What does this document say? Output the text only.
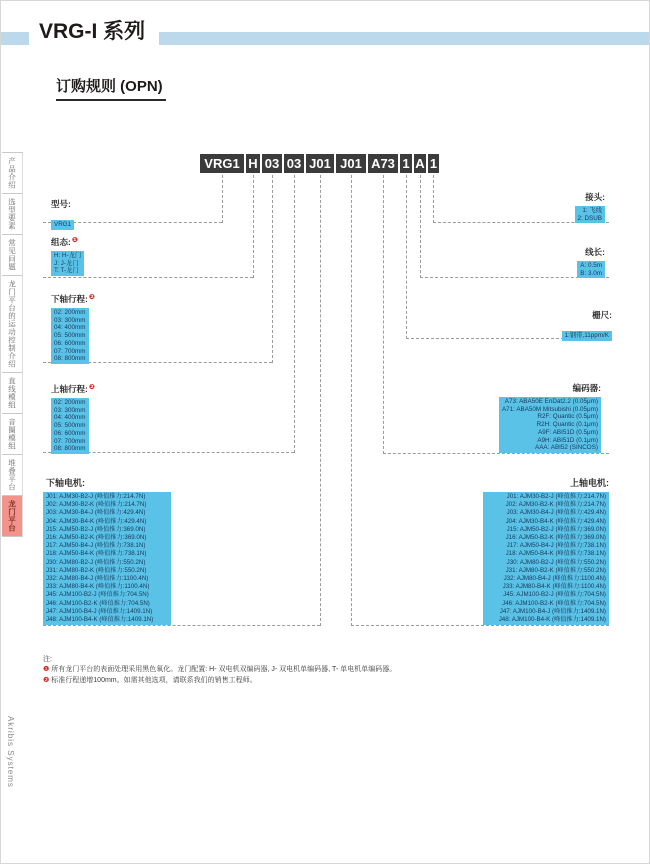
VRG-I 系列
订购规则 (OPN)
VRG1 H 03 03 J01 J01 A73 1 A 1
型号:
VRG1
组态:$^❶$
H: H-龙门
J: J-龙门
T: T-龙门
下轴行程:$^❷$
02: 200mm
03: 300mm
04: 400mm
05: 500mm
06: 600mm
07: 700mm
08: 800mm
上轴行程:$^❷$
02: 200mm
03: 300mm
04: 400mm
05: 500mm
06: 600mm
07: 700mm
08: 800mm
下轴电机:
J01: AJM30-B2-J (峰值推力:214.7N)
J02: AJM30-B2-K (峰值推力:214.7N)
J03: AJM30-B4-J (峰值推力:429.4N)
J04: AJM30-B4-K (峰值推力:429.4N)
J15: AJM50-B2-J (峰值推力:369.0N)
J16: AJM50-B2-K (峰值推力:369.0N)
J17: AJM50-B4-J (峰值推力:738.1N)
J18: AJM50-B4-K (峰值推力:738.1N)
J30: AJM80-B2-J (峰值推力:550.2N)
J31: AJM80-B2-K (峰值推力:550.2N)
J32: AJM80-B4-J (峰值推力:1100.4N)
J33: AJM80-B4-K (峰值推力:1100.4N)
J45: AJM100-B2-J (峰值推力:704.5N)
J46: AJM100-B2-K (峰值推力:704.5N)
J47: AJM100-B4-J (峰值推力:1409.1N)
J48: AJM100-B4-K (峰值推力:1409.1N)
接头:
1: 飞线
2: DSUB
线长:
A: 0.5m
B: 3.0m
栅尺:
1:钢带,11ppm/K
编码器:
A73: ABA50E EnDat2.2 (0.05μm)
A71: ABA50M Mitsubishi (0.05μm)
R2F: Quantic (0.5μm)
R2H: Quantic (0.1μm)
A9F: ABI51D (0.5μm)
A9H: ABI51D (0.1μm)
AAA: ABI52 (SINCOS)
上轴电机:
J01: AJM30-B2-J (峰值推力:214.7N)
J02: AJM30-B2-K (峰值推力:214.7N)
J03: AJM30-B4-J (峰值推力:429.4N)
J04: AJM30-B4-K (峰值推力:429.4N)
J15: AJM50-B2-J (峰值推力:369.0N)
J16: AJM50-B2-K (峰值推力:369.0N)
J17: AJM50-B4-J (峰值推力:738.1N)
J18: AJM50-B4-K (峰值推力:738.1N)
J30: AJM80-B2-J (峰值推力:550.2N)
J31: AJM80-B2-K (峰值推力:550.2N)
J32: AJM80-B4-J (峰值推力:1100.4N)
J33: AJM80-B4-K (峰值推力:1100.4N)
J45: AJM100-B2-J (峰值推力:704.5N)
J46: AJM100-B2-K (峰值推力:704.5N)
J47: AJM100-B4-J (峰值推力:1409.1N)
J48: AJM100-B4-K (峰值推力:1409.1N)
注:
❶ 所有龙门平台的表面处理采用黑色氧化。龙门配置: H- 双电机双编码器, J- 双电机单编码器, T- 单电机单编码器。
❷ 标准行程递增100mm。如需其他选项，请联系我们的销售工程师。
产品介绍
选型要素
常见问题
龙门平台的运动控制介绍
直线模组
音圈模组
堆叠平台
龙门平台
Akribis Systems
